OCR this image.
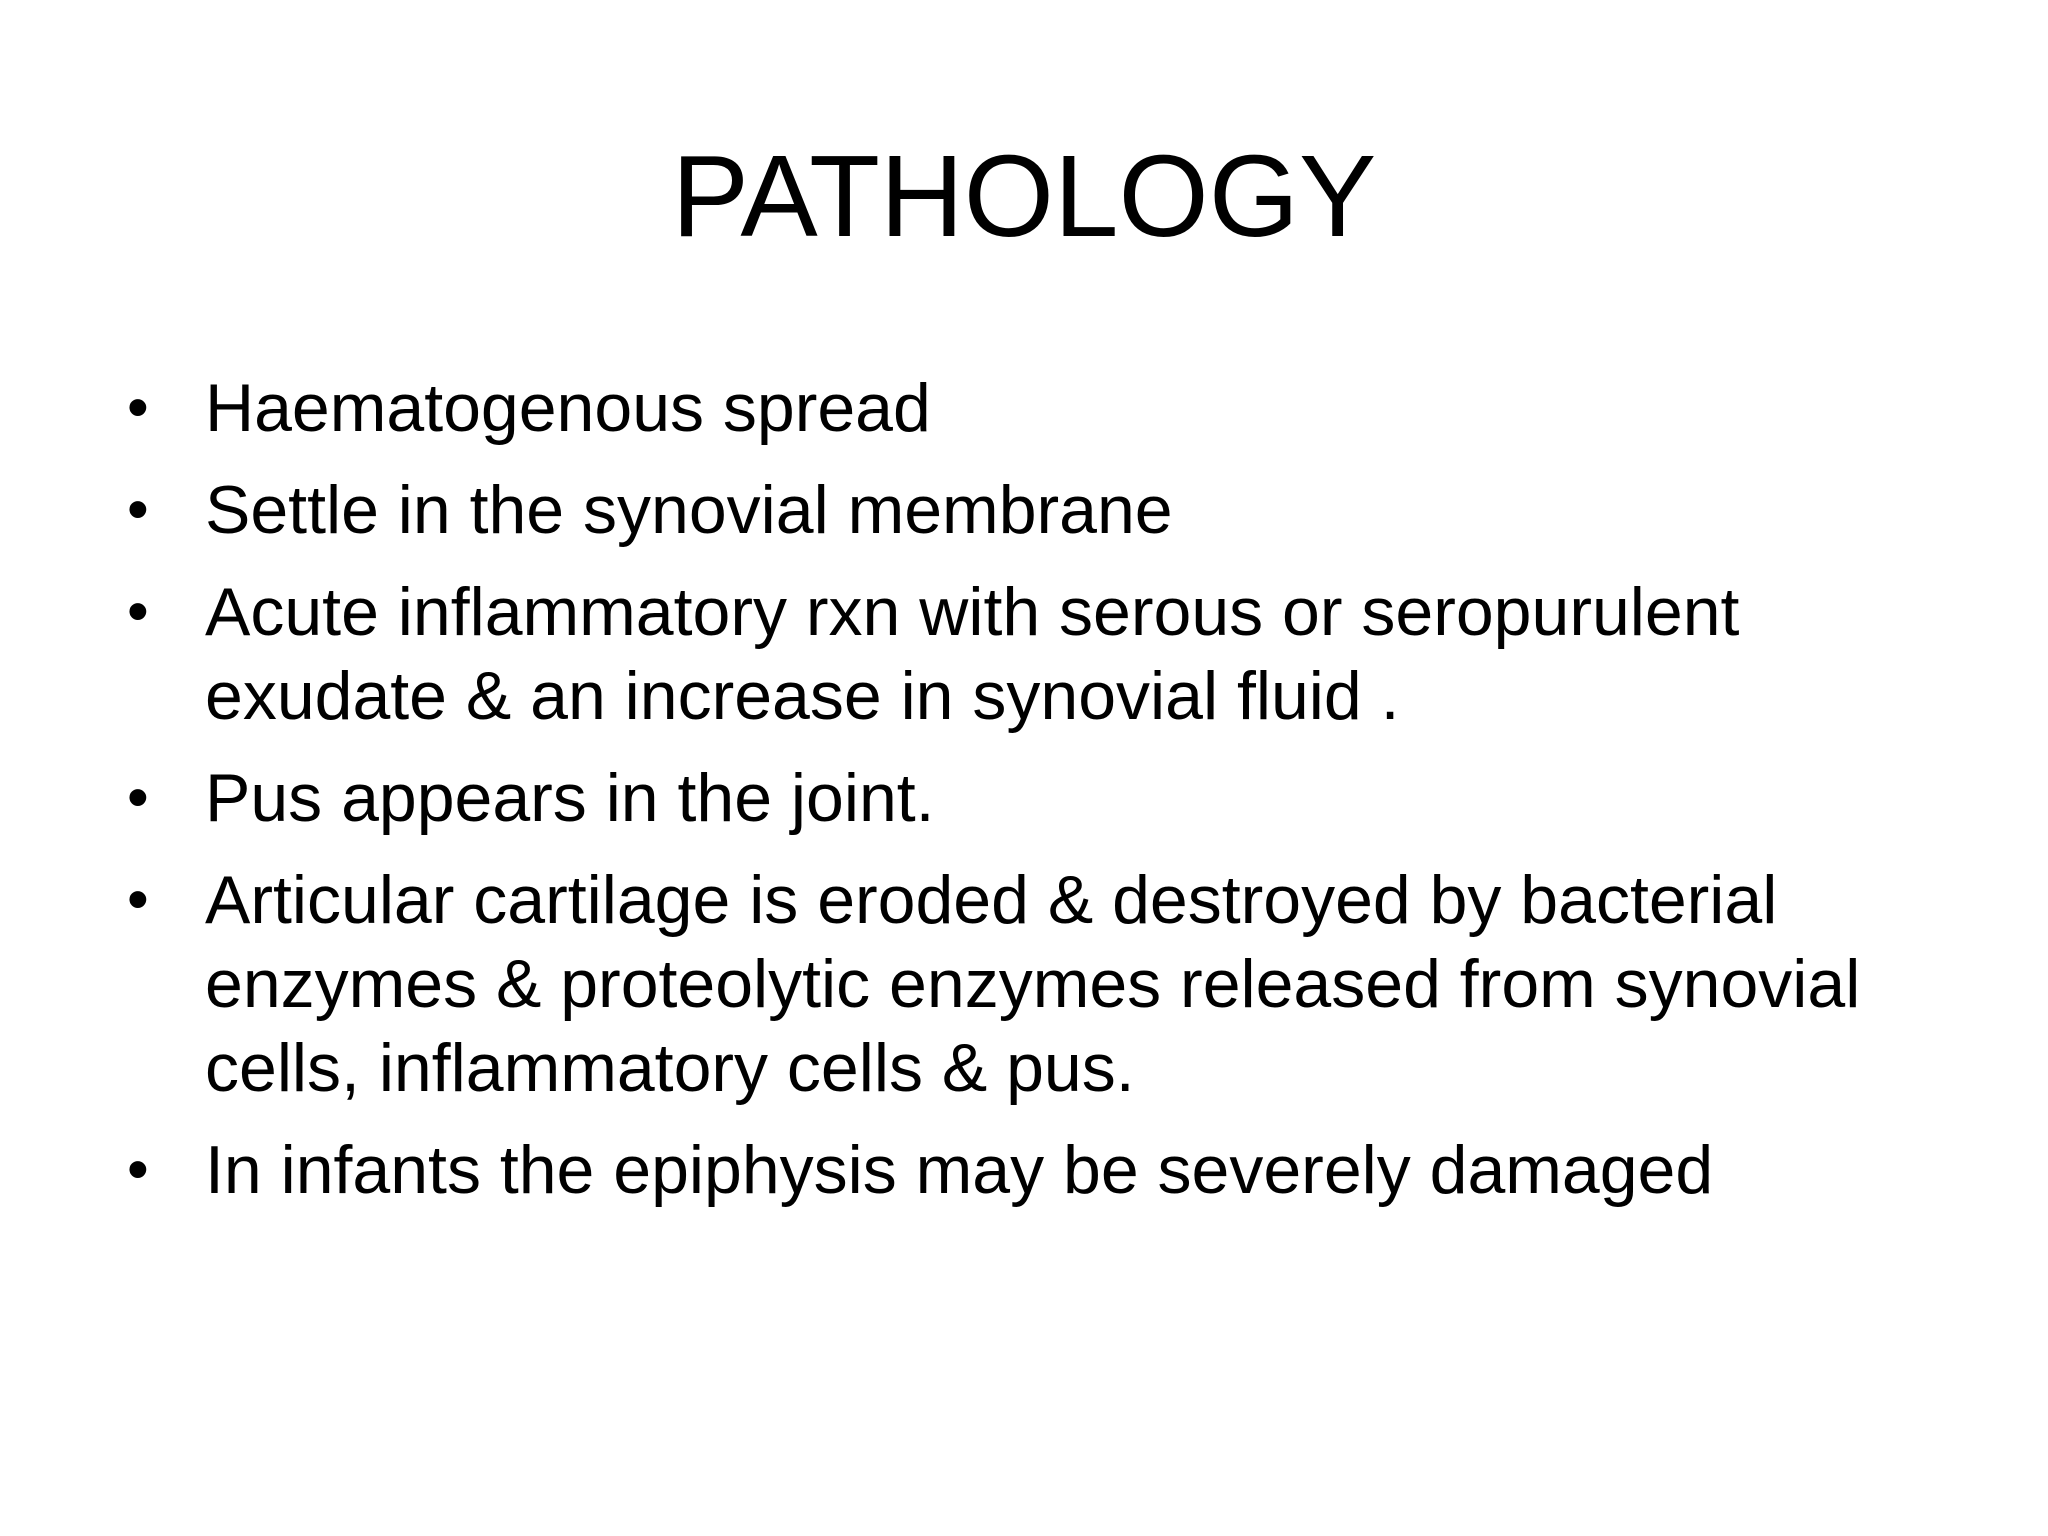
PATHOLOGY
• Haematogenous spread
• Settle in the synovial membrane
• Acute inflammatory rxn with serous or seropurulent exudate & an increase in synovial fluid .
• Pus appears in the joint.
• Articular cartilage is eroded & destroyed by bacterial enzymes & proteolytic enzymes released from synovial cells, inflammatory cells & pus.
• In infants the epiphysis may be severely damaged
